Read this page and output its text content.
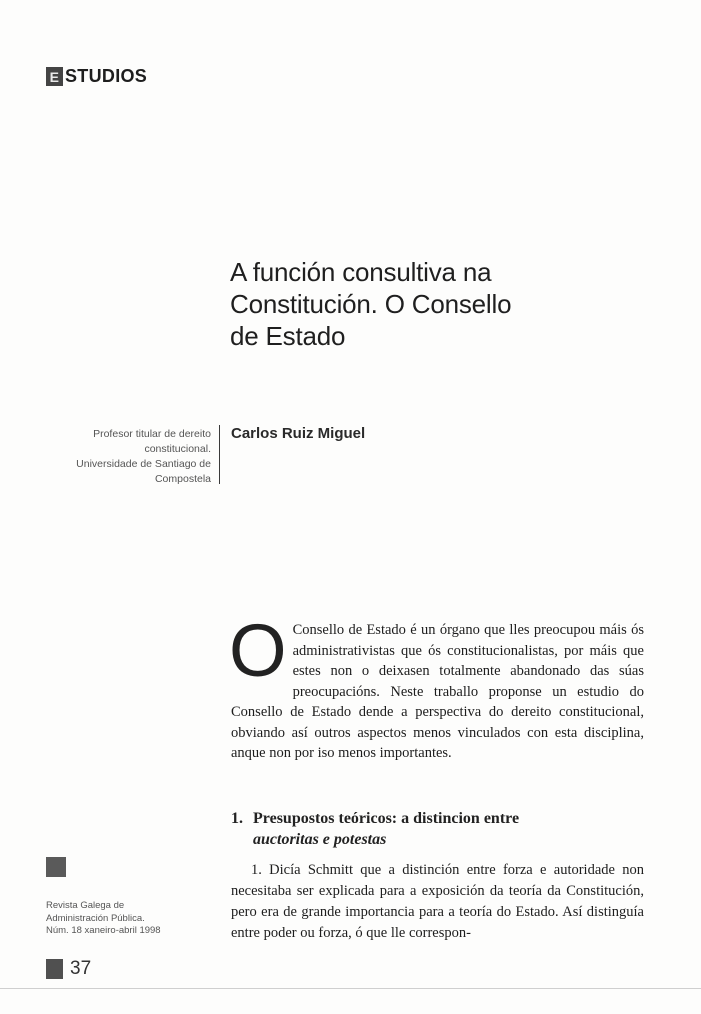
E STUDIOS
A función consultiva na
Constitución. O Consello
de Estado
Profesor titular de dereito
constitucional.
Universidade de Santiago de
Compostela
Carlos Ruiz Miguel
O Consello de Estado é un órgano que lles preocupou máis ós administrativistas que ós constitucionalistas, por máis que estes non o deixasen totalmente abandonado das súas preocupacións. Neste traballo proponse un estudio do Consello de Estado dende a perspectiva do dereito constitucional, obviando así outros aspectos menos vinculados con esta disciplina, anque non por iso menos importantes.
1. Presupostos teóricos: a distincion entre
auctoritas e potestas
1. Dicía Schmitt que a distinción entre forza e autoridade non necesitaba ser explicada para a exposición da teoría da Constitución, pero era de grande importancia para a teoría do Estado. Así distinguía entre poder ou forza, ó que lle correspon-
Revista Galega de
Administración Pública.
Núm. 18 xaneiro-abril 1998
37
